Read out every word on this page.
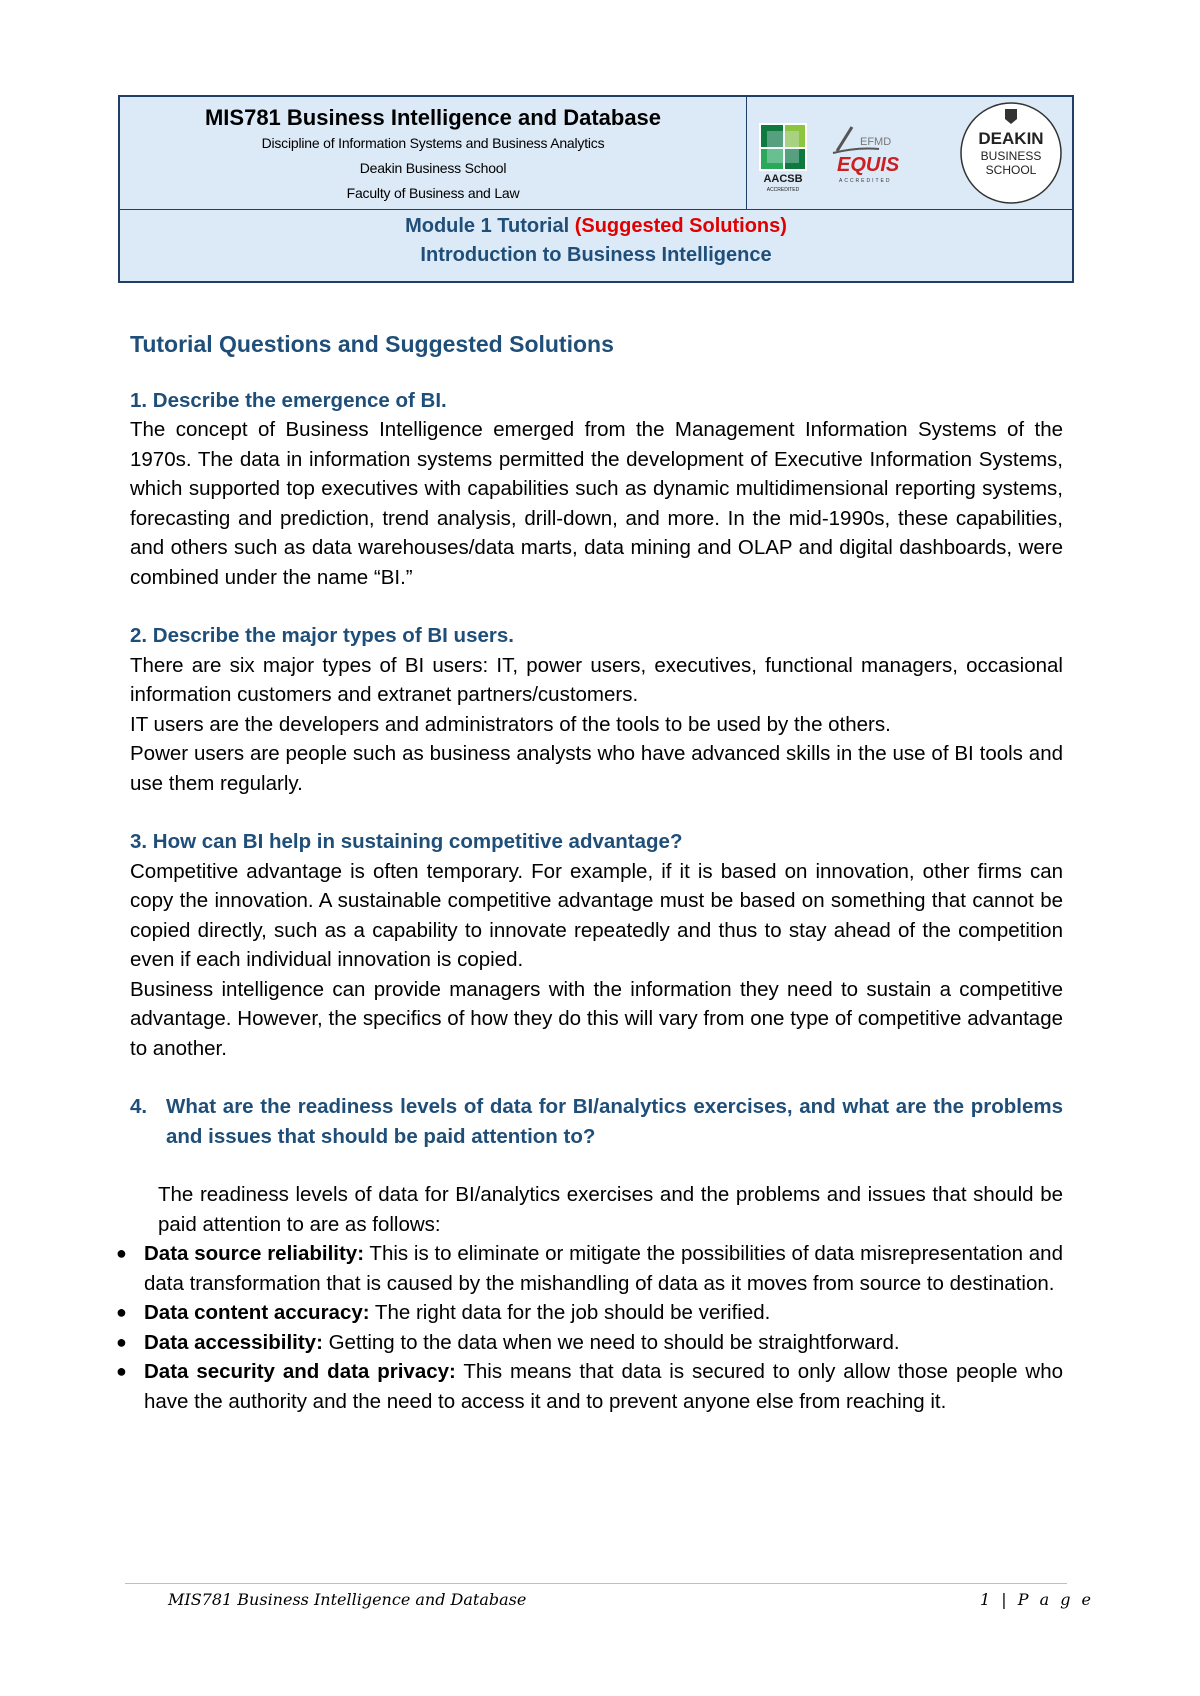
MIS781 Business Intelligence and Database
Discipline of Information Systems and Business Analytics
Deakin Business School
Faculty of Business and Law
AACSB
ACCREDITED
EFMD
EQUIS
ACCREDITED
DEAKIN
BUSINESS
SCHOOL
Module 1 Tutorial (Suggested Solutions)
Introduction to Business Intelligence
Tutorial Questions and Suggested Solutions
1. Describe the emergence of BI.

The concept of Business Intelligence emerged from the Management Information Systems of the 1970s. The data in information systems permitted the development of Executive Information Systems, which supported top executives with capabilities such as dynamic multidimensional reporting systems, forecasting and prediction, trend analysis, drill-down, and more. In the mid-1990s, these capabilities, and others such as data warehouses/data marts, data mining and OLAP and digital dashboards, were combined under the name “BI.”

2. Describe the major types of BI users.

There are six major types of BI users: IT, power users, executives, functional managers, occasional information customers and extranet partners/customers.

IT users are the developers and administrators of the tools to be used by the others.

Power users are people such as business analysts who have advanced skills in the use of BI tools and use them regularly.

3. How can BI help in sustaining competitive advantage?

Competitive advantage is often temporary. For example, if it is based on innovation, other firms can copy the innovation. A sustainable competitive advantage must be based on something that cannot be copied directly, such as a capability to innovate repeatedly and thus to stay ahead of the competition even if each individual innovation is copied.

Business intelligence can provide managers with the information they need to sustain a competitive advantage. However, the specifics of how they do this will vary from one type of competitive advantage to another.

4. What are the readiness levels of data for BI/analytics exercises, and what are the problems and issues that should be paid attention to?

The readiness levels of data for BI/analytics exercises and the problems and issues that should be paid attention to are as follows:

● Data source reliability: This is to eliminate or mitigate the possibilities of data misrepresentation and data transformation that is caused by the mishandling of data as it moves from source to destination.
● Data content accuracy: The right data for the job should be verified.
● Data accessibility: Getting to the data when we need to should be straightforward.
● Data security and data privacy: This means that data is secured to only allow those people who have the authority and the need to access it and to prevent anyone else from reaching it.
MIS781 Business Intelligence and Database	1 | P a g e
